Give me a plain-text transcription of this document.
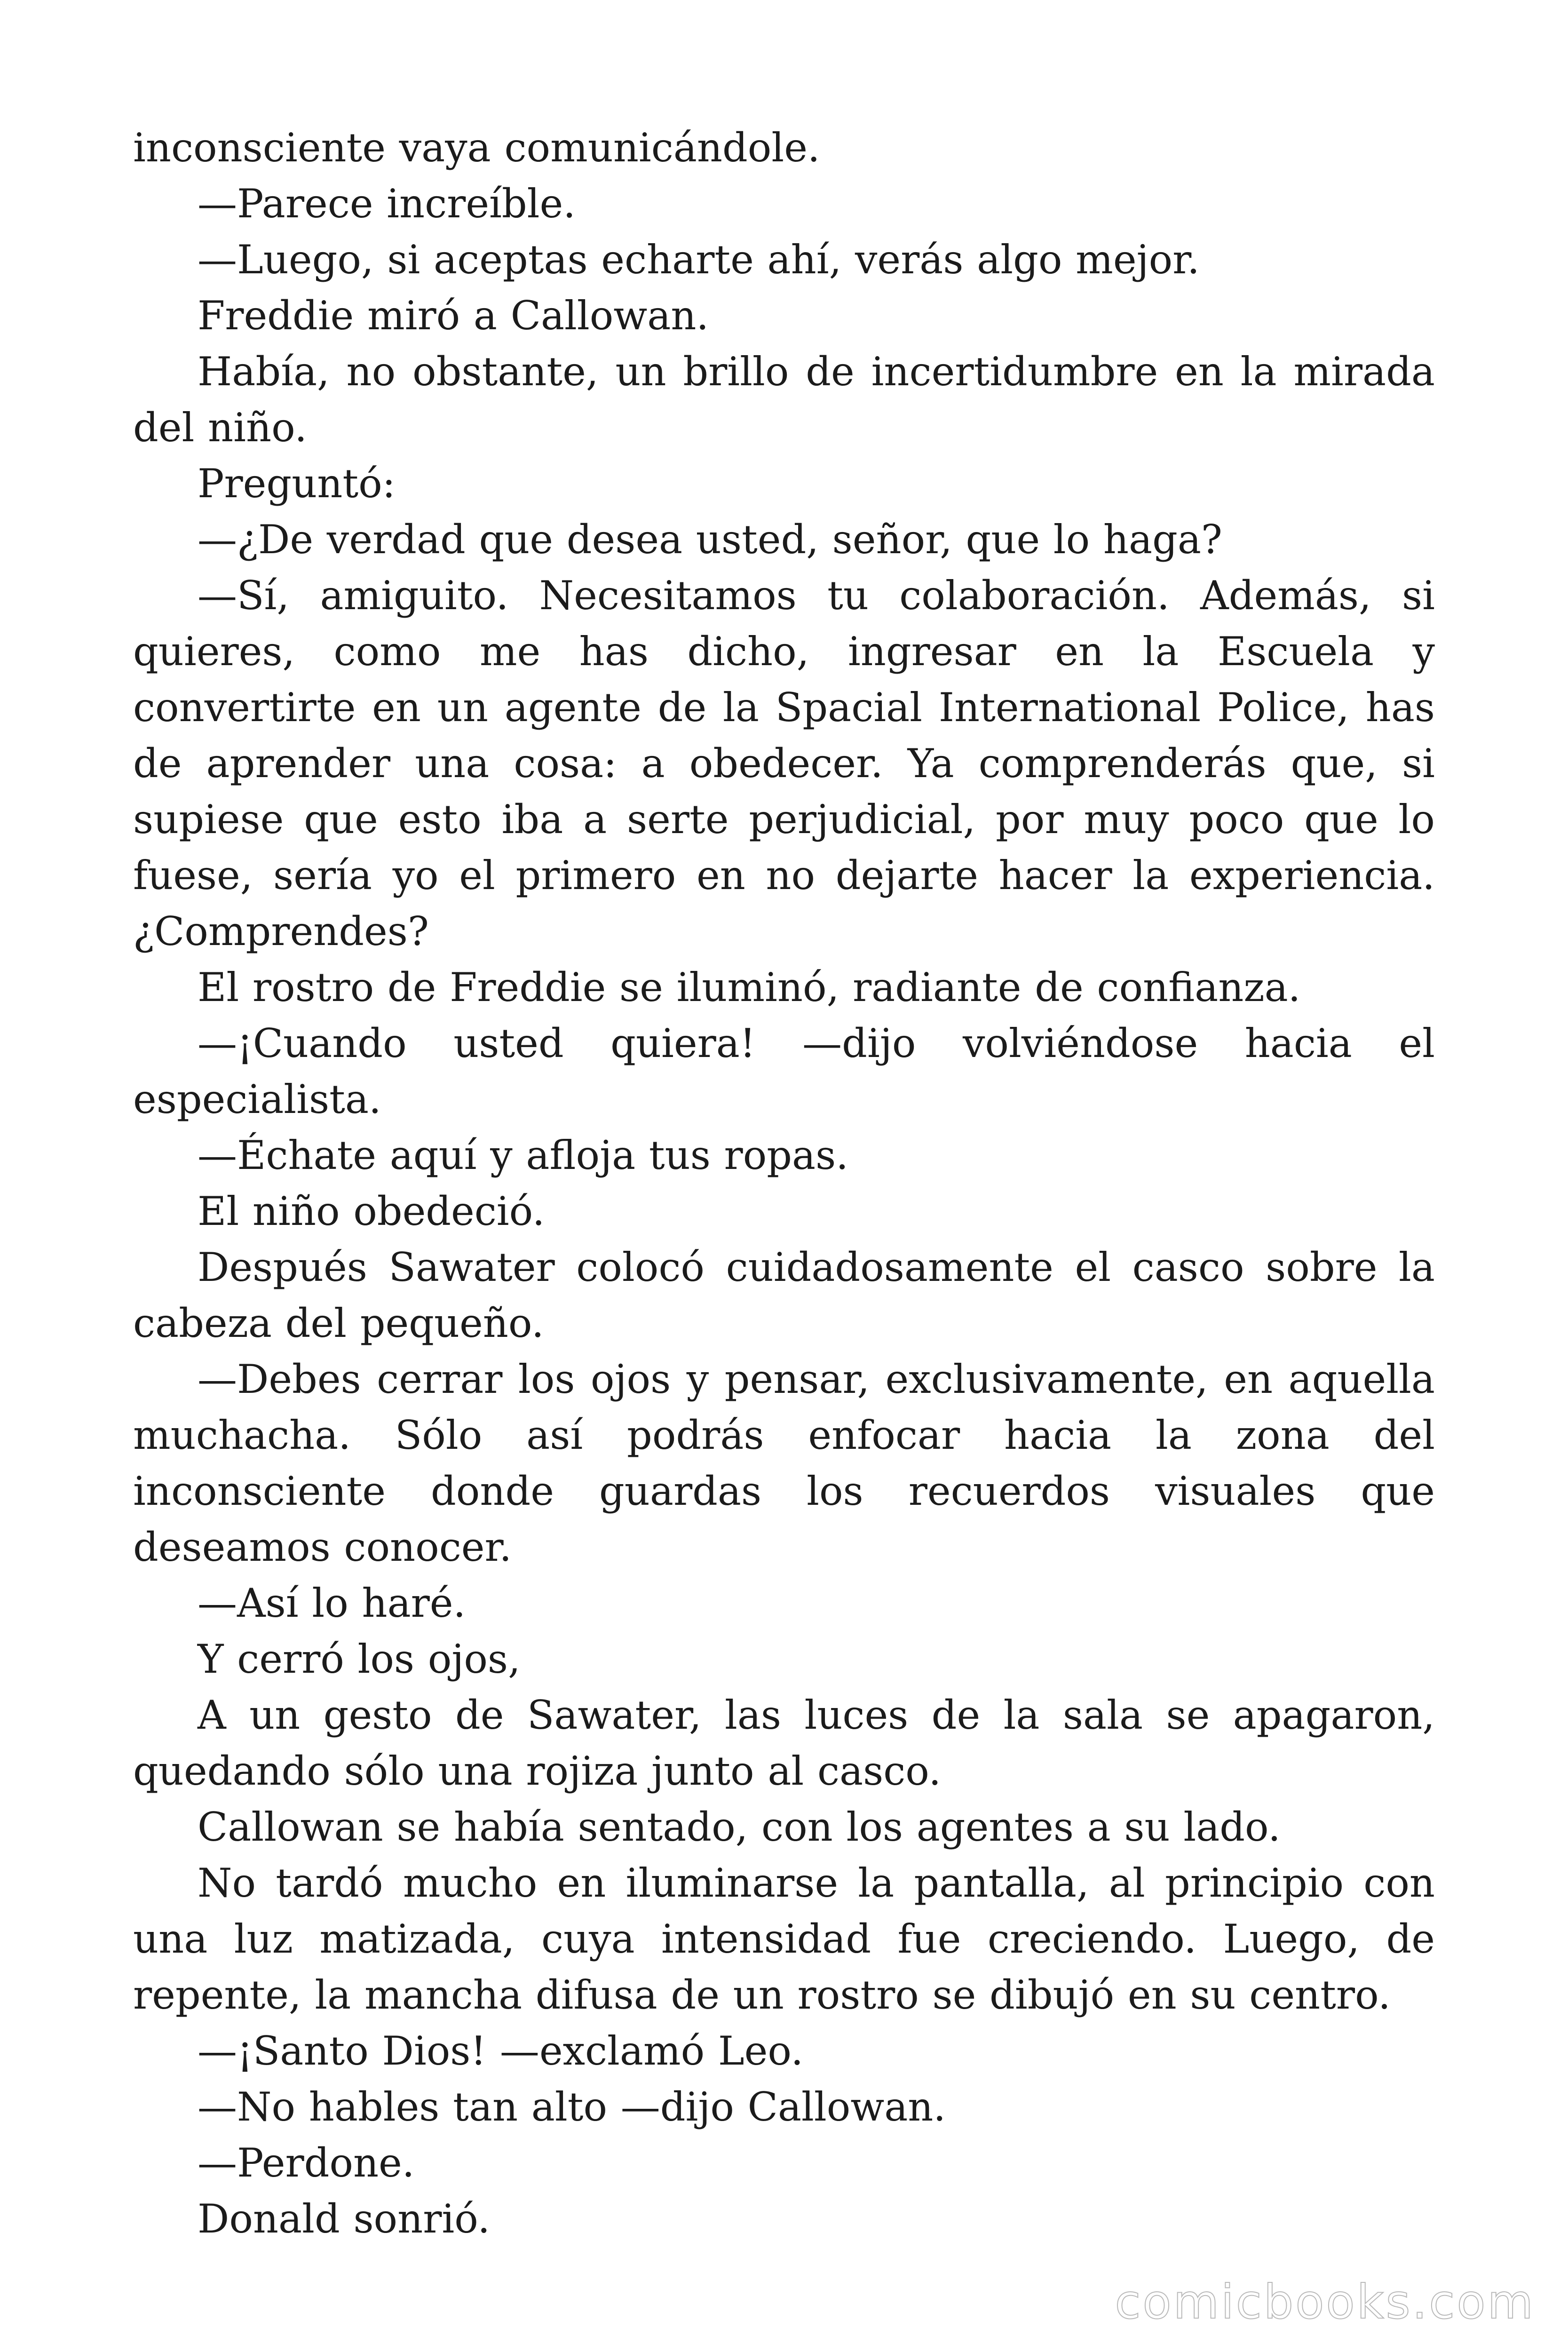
inconsciente vaya comunicándole.

—Parece increíble.

—Luego, si aceptas echarte ahí, verás algo mejor.

Freddie miró a Callowan.

Había, no obstante, un brillo de incertidumbre en la mirada del niño.

Preguntó:

—¿De verdad que desea usted, señor, que lo haga?

—Sí, amiguito. Necesitamos tu colaboración. Además, si quieres, como me has dicho, ingresar en la Escuela y convertirte en un agente de la Spacial International Police, has de aprender una cosa: a obedecer. Ya comprenderás que, si supiese que esto iba a serte perjudicial, por muy poco que lo fuese, sería yo el primero en no dejarte hacer la experiencia. ¿Comprendes?

El rostro de Freddie se iluminó, radiante de confianza.

—¡Cuando usted quiera! —dijo volviéndose hacia el especialista.

—Échate aquí y afloja tus ropas.

El niño obedeció.

Después Sawater colocó cuidadosamente el casco sobre la cabeza del pequeño.

—Debes cerrar los ojos y pensar, exclusivamente, en aquella muchacha. Sólo así podrás enfocar hacia la zona del inconsciente donde guardas los recuerdos visuales que deseamos conocer.

—Así lo haré.

Y cerró los ojos,

A un gesto de Sawater, las luces de la sala se apagaron, quedando sólo una rojiza junto al casco.

Callowan se había sentado, con los agentes a su lado.

No tardó mucho en iluminarse la pantalla, al principio con una luz matizada, cuya intensidad fue creciendo. Luego, de repente, la mancha difusa de un rostro se dibujó en su centro.

—¡Santo Dios! —exclamó Leo.

—No hables tan alto —dijo Callowan.

—Perdone.

Donald sonrió.

comicbooks.com
